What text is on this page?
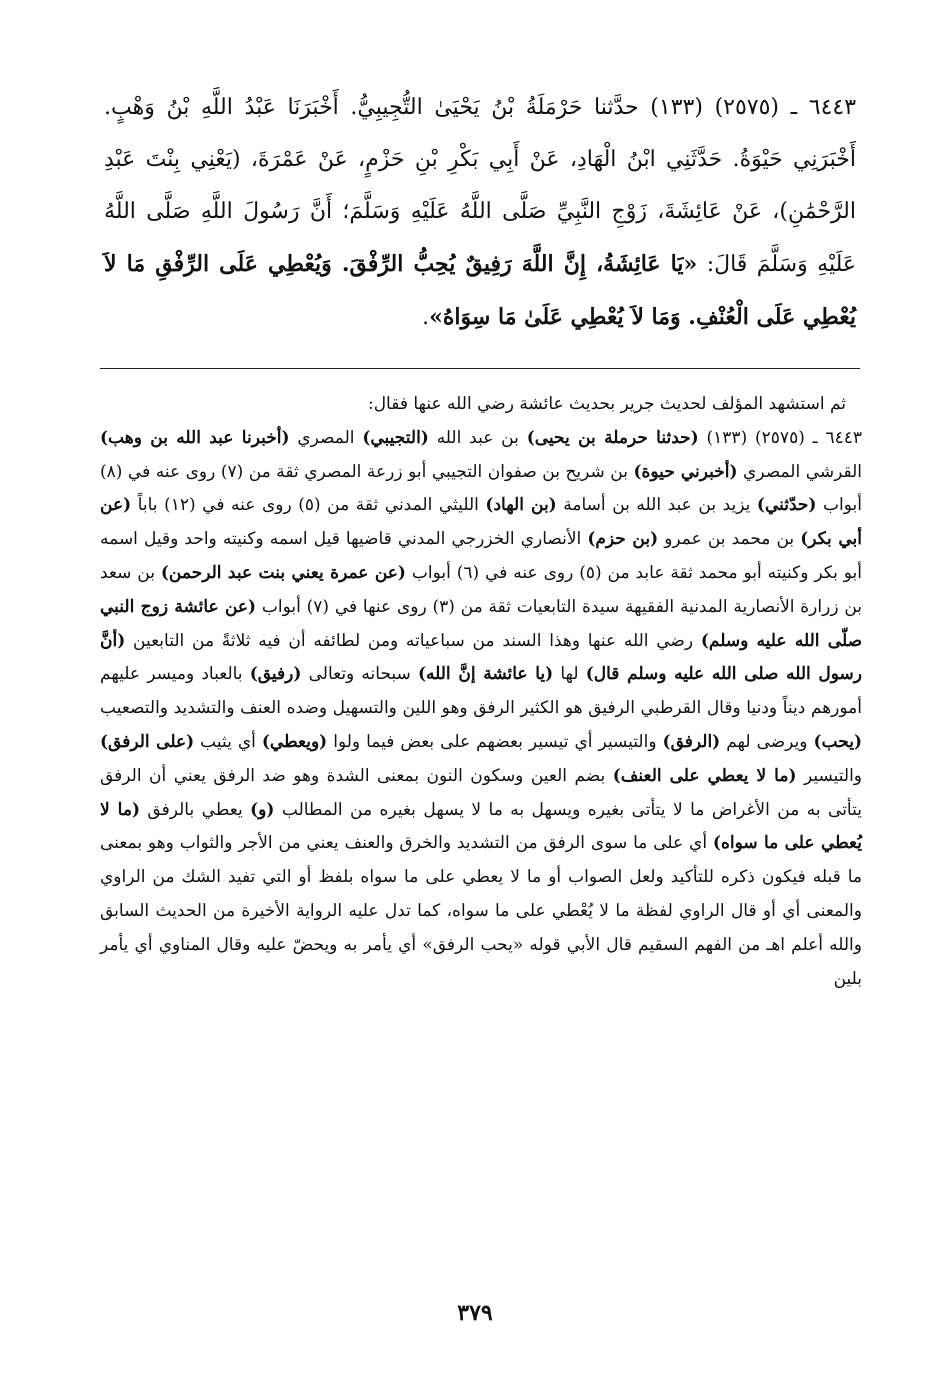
٦٤٤٣ ـ (٢٥٧٥) (١٣٣) حدَّثنا حَرْمَلَةُ بْنُ يَحْيَىٰ التُّجِيبِيُّ. أَخْبَرَنَا عَبْدُ اللَّهِ بْنُ وَهْبٍ. أَخْبَرَنِي حَيْوَةُ. حَدَّثَنِي ابْنُ الْهَادِ، عَنْ أَبِي بَكْرِ بْنِ حَزْمٍ، عَنْ عَمْرَةَ، (يَعْنِي بِنْتَ عَبْدِ الرَّحْمَٰنِ)، عَنْ عَائِشَةَ، زَوْجِ النَّبِيِّ صَلَّى اللَّهُ عَلَيْهِ وَسَلَّمَ؛ أَنَّ رَسُولَ اللَّهِ صَلَّى اللَّهُ عَلَيْهِ وَسَلَّمَ قَالَ: «يَا عَائِشَةُ، إِنَّ اللَّهَ رَفِيقٌ يُحِبُّ الرِّفْقَ. وَيُعْطِي عَلَى الرِّفْقِ مَا لاَ يُعْطِي عَلَى الْعُنْفِ. وَمَا لاَ يُعْطِي عَلَىٰ مَا سِوَاهُ».

ثم استشهد المؤلف لحديث جرير بحديث عائشة رضي الله عنها فقال:

٦٤٤٣ ـ (٢٥٧٥) (١٣٣) (حدثنا حرملة بن يحيى) بن عبد الله (التجيبي) المصري (أخبرنا عبد الله بن وهب) القرشي المصري (أخبرني حيوة) بن شريح بن صفوان التجيبي أبو زرعة المصري ثقة من (٧) روى عنه في (٨) أبواب (حدّثني) يزيد بن عبد الله بن أسامة (بن الهاد) الليثي المدني ثقة من (٥) روى عنه في (١٢) باباً (عن أبي بكر) بن محمد بن عمرو (بن حزم) الأنصاري الخزرجي المدني قاضيها قيل اسمه وكنيته واحد وقيل اسمه أبو بكر وكنيته أبو محمد ثقة عابد من (٥) روى عنه في (٦) أبواب (عن عمرة يعني بنت عبد الرحمن) بن سعد بن زرارة الأنصارية المدنية الفقيهة سيدة التابعيات ثقة من (٣) روى عنها في (٧) أبواب (عن عائشة زوج النبي صلّى الله عليه وسلم) رضي الله عنها وهذا السند من سباعياته ومن لطائفه أن فيه ثلاثةً من التابعين (أنَّ رسول الله صلى الله عليه وسلم قال) لها (يا عائشة إنَّ الله) سبحانه وتعالى (رفيق) بالعباد وميسر عليهم أمورهم ديناً ودنيا وقال القرطبي الرفيق هو الكثير الرفق وهو اللين والتسهيل وضده العنف والتشديد والتصعيب (يحب) ويرضى لهم (الرفق) والتيسير أي تيسير بعضهم على بعض فيما ولوا (ويعطي) أي يثيب (على الرفق) والتيسير (ما لا يعطي على العنف) بضم العين وسكون النون بمعنى الشدة وهو ضد الرفق يعني أن الرفق يتأتى به من الأغراض ما لا يتأتى بغيره ويسهل به ما لا يسهل بغيره من المطالب (و) يعطي بالرفق (ما لا يُعطي على ما سواه) أي على ما سوى الرفق من التشديد والخرق والعنف يعني من الأجر والثواب وهو بمعنى ما قبله فيكون ذكره للتأكيد ولعل الصواب أو ما لا يعطي على ما سواه بلفظ أو التي تفيد الشك من الراوي والمعنى أي أو قال الراوي لفظة ما لا يُعْطي على ما سواه، كما تدل عليه الرواية الأخيرة من الحديث السابق والله أعلم اهـ من الفهم السقيم قال الأبي قوله «يحب الرفق» أي يأمر به ويحضّ عليه وقال المناوي أي يأمر بلين

٣٧٩
